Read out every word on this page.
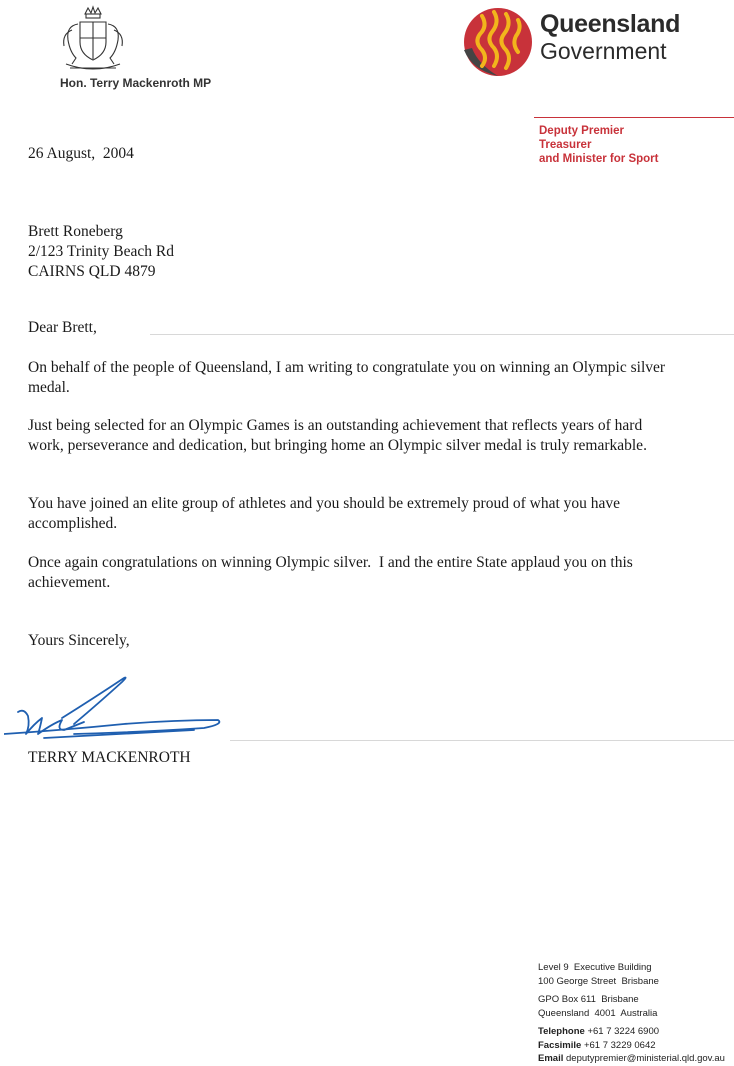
Hon. Terry Mackenroth MP
Queensland
Government
Deputy Premier
Treasurer
and Minister for Sport
26 August,  2004
Brett Roneberg
2/123 Trinity Beach Rd
CAIRNS QLD 4879
Dear Brett,
On behalf of the people of Queensland, I am writing to congratulate you on winning an Olympic silver medal.
Just being selected for an Olympic Games is an outstanding achievement that reflects years of hard work, perseverance and dedication, but bringing home an Olympic silver medal is truly remarkable.
You have joined an elite group of athletes and you should be extremely proud of what you have accomplished.
Once again congratulations on winning Olympic silver.  I and the entire State applaud you on this achievement.
Yours Sincerely,
TERRY MACKENROTH
Level 9  Executive Building
100 George Street  Brisbane
GPO Box 611  Brisbane
Queensland  4001  Australia
Telephone +61 7 3224 6900
Facsimile +61 7 3229 0642
Email deputypremier@ministerial.qld.gov.au
